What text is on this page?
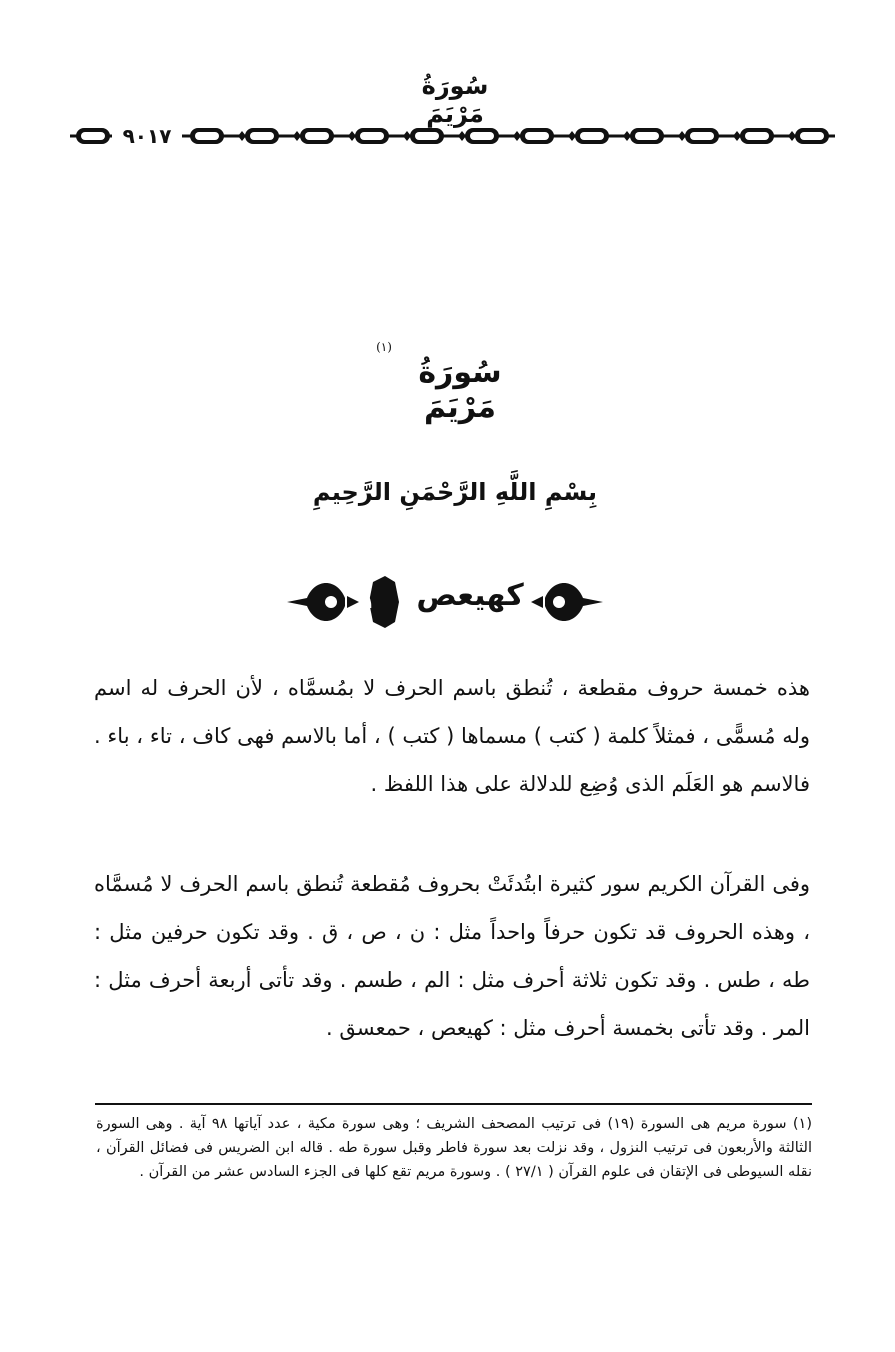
سُورَةُ مَرْيَمَ
٩٠١٧
(١)
سُورَةُ مَرْيَمَ
بِسْمِ اللَّهِ الرَّحْمَنِ الرَّحِيمِ
١	كهيعص
هذه خمسة حروف مقطعة ، تُنطق باسم الحرف لا بمُسمَّاه ، لأن الحرف له اسم وله مُسمًّى ، فمثلاً كلمة ( كتب ) مسماها ( كتب ) ، أما بالاسم فهى كاف ، تاء ، باء . فالاسم هو العَلَم الذى وُضِع للدلالة على هذا اللفظ .
وفى القرآن الكريم سور كثيرة ابتُدئَتْ بحروف مُقطعة تُنطق باسم الحرف لا مُسمَّاه ، وهذه الحروف قد تكون حرفاً واحداً مثل : ن ، ص ، ق . وقد تكون حرفين مثل : طه ، طس . وقد تكون ثلاثة أحرف مثل : الم ، طسم . وقد تأتى أربعة أحرف مثل : المر . وقد تأتى بخمسة أحرف مثل : كهيعص ، حمعسق .
(١) سورة مريم هى السورة (١٩) فى ترتيب المصحف الشريف ؛ وهى سورة مكية ، عدد آياتها ٩٨ آية . وهى السورة الثالثة والأربعون فى ترتيب النزول ، وقد نزلت بعد سورة فاطر وقبل سورة طه . قاله ابن الضريس فى فضائل القرآن ، نقله السيوطى فى الإتقان فى علوم القرآن ( ٢٧/١ ) . وسورة مريم تقع كلها فى الجزء السادس عشر من القرآن .
